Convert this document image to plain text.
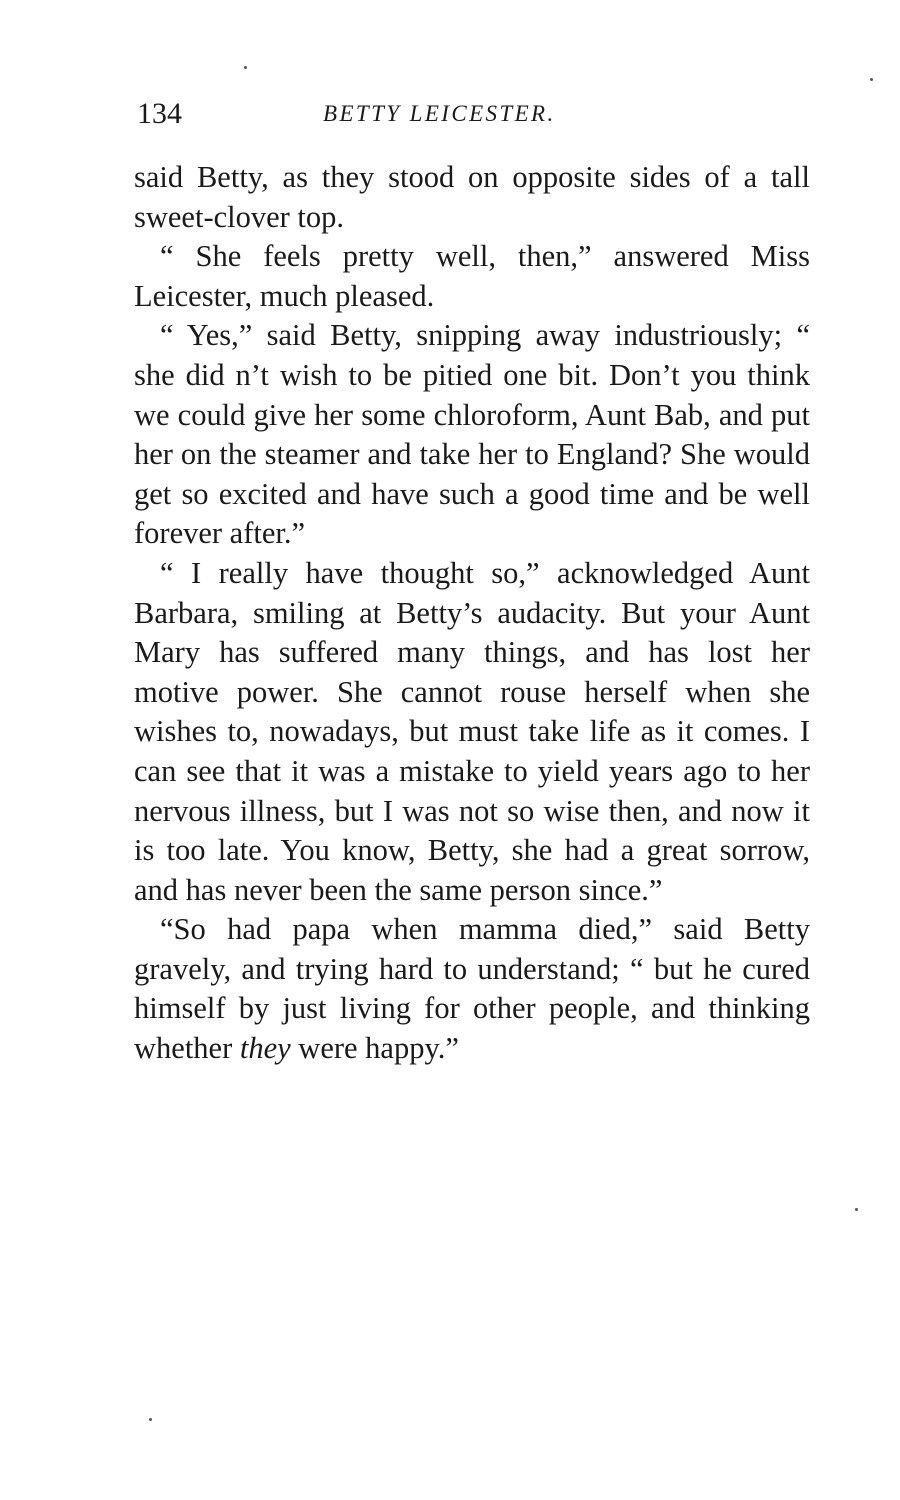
134	BETTY LEICESTER.

said Betty, as they stood on opposite sides of a tall sweet-clover top.

“ She feels pretty well, then,” answered Miss Leicester, much pleased.

“ Yes,” said Betty, snipping away industriously; “ she did n’t wish to be pitied one bit. Don’t you think we could give her some chloroform, Aunt Bab, and put her on the steamer and take her to England? She would get so excited and have such a good time and be well forever after.”

“ I really have thought so,” acknowledged Aunt Barbara, smiling at Betty’s audacity. But your Aunt Mary has suffered many things, and has lost her motive power. She cannot rouse herself when she wishes to, nowadays, but must take life as it comes. I can see that it was a mistake to yield years ago to her nervous illness, but I was not so wise then, and now it is too late. You know, Betty, she had a great sorrow, and has never been the same person since.”

“So had papa when mamma died,” said Betty gravely, and trying hard to understand; “ but he cured himself by just living for other people, and thinking whether they were happy.”
